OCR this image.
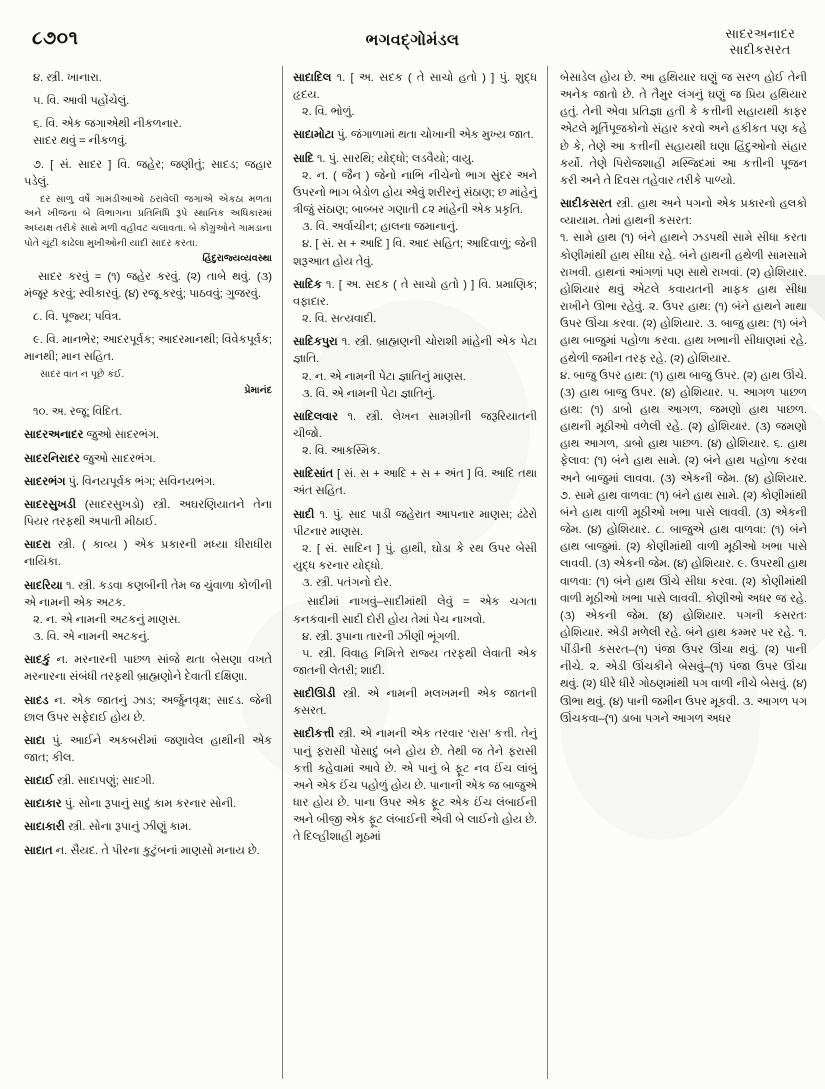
૮૭૦૧	ભગવદ્‌ગોમંડલ	સાદરઅનાદર
સાદીકસરત
૪. સ્ત્રી. ખાનારા.
૫. વિ. આવી પહોંચેલું.
૬. વિ. એક જગાએથી નીકળનાર.
સાદર થવું = નીકળવું.
૭. [ સં. સાદર ] વિ. જહેર; જણીતું; સાદડ; જહાર પડેલું.
દર સાળુ વર્ષે ગામડીઆઓ ઠરાવેલી જગાએ એકઠા મળતા અને ખીજના બે વિભાગના પ્રતિનિધિ રૂપે સ્થાનિક અધિકારમાં અધ્યક્ષ તરીકે સાથે મળી વહીવટ ચલાવતા. બે કોંગ્રુઓને ગામડાના પોતે ચૂંટી કાઢેલા મુખીઓની યાદી સાદર કરતા.
હિંદુરાજ્યવ્યવસ્થા
સાદર કરવું = (૧) જહેર કરવું. (૨) તાબે થવું. (૩) મંજૂર કરવું; સ્વીકારવું. (૪) રજૂ કરવું; પાઠવવું; ગુજરવું.
૮. વિ. પૂજ્ય; પવિત્ર.
૯. વિ. માનભેર; આદરપૂર્વક; આદરમાનથી; વિવેકપૂર્વક; માનથી; માન સહિત.
સાદર વાત ન પૂછે કંઈ.
પ્રેમાનંદ
૧૦. અ. રજૂ; વિદિત.
સાદરઅનાદર જુઓ સાદરભંગ.
સાદરનિરાદર જુઓ સાદરભંગ.
સાદરભંગ પું. વિનયપૂર્વક ભંગ; સવિનયભંગ.
સાદરસુખડી (સાદરસુખડો) સ્ત્રી. અઘરણિયાતને તેના પિયર તરફથી અપાતી મીઠાઈ.
સાદરા સ્ત્રી. ( કાવ્ય ) એક પ્રકારની મધ્યા ધીરાધીરા નાયિકા.
સાદરિયા ૧. સ્ત્રી. કડવા કણબીની તેમ જ ચુંવાળા કોળીની એ નામની એક અટક.
૨. ન. એ નામની અટકનું માણસ.
૩. વિ. એ નામની અટકનું.
સાદકું ન. મરનારની પાછળ સાંજે થતા બેસણા વખતે મરનારના સંબંધી તરફથી બ્રાહ્મણોને દેવાતી દક્ષિણા.
સાદડ ન. એક જાતનું ઝાડ; અર્જુનવૃક્ષ; સાદડ. જેની છાલ ઉપર સફેદાઈ હોય છે.
સાદા પું. આઈને અકબરીમાં જણાવેલ હાથીની એક જાત; કીલ.
સાદાઈ સ્ત્રી. સાદાપણું; સાદગી.
સાદાકાર પું. સોના રૂપાનું સાદું કામ કરનાર સોની.
સાદાકારી સ્ત્રી. સોના રૂપાનું ઝીણું કામ.
સાદાત ન. સૈયદ. તે પીરના કુટુંબનાં માણસો મનાય છે.
સાદાદિલ ૧. [ અ. સદક ( તે સાચો હતો ) ] પું. શુદ્ધ હૃદય.
૨. વિ. ભોળું.
સાદામોટા પું. જંગાળામાં થતા ચોખાની એક મુખ્ય જાત.
સાદિ ૧. પું. સારથિ; યોદ્ધો; લડવૈયો; વાયુ.
૨. ન. ( જૈન ) જેનો નાભિ નીચેનો ભાગ સુંદર અને ઉપરનો ભાગ બેડોળ હોય એવું શરીરનું સંઠાણ; છ માંહેનું ત્રીજું સંઠાણ; બાબ્બર ગણાતી ૮૨ માંહેની એક પ્રકૃતિ.
૩. વિ. અર્વાચીન; હાલના જમાનાનું.
૪. [ સં. સ + આદિ ] વિ. આદ સહિત; આદિવાળું; જેની શરૂઆત હોય તેવું.
સાદિક ૧. [ અ. સદક ( તે સાચો હતો ) ] વિ. પ્રમાણિક; વફાદાર.
૨. વિ. સત્યવાદી.
સાદિકપુરા ૧. સ્ત્રી. બ્રાહ્મણની ચોરાશી માંહેની એક પેટા જ્ઞાતિ.
૨. ન. એ નામની પેટા જ્ઞાતિનું માણસ.
૩. વિ. એ નામની પેટા જ્ઞાતિનું.
સાદિલવાર ૧. સ્ત્રી. લેખન સામગ્રીની જરૂરિયાતની ચીજો.
૨. વિ. આકસ્મિક.
સાદિસાંત [ સં. સ + આદિ + સ + અંત ] વિ. આદિ તથા અંત સહિત.
સાદી ૧. પું. સાદ પાડી જહેરાત આપનાર માણસ; ઢંઢેરો પીટનાર માણસ.
૨. [ સં. સાદિન ] પું. હાથી, ઘોડા કે રથ ઉપર બેસી યુદ્ધ કરનાર યોદ્ધો.
૩. સ્ત્રી. પતંગનો દોર.
સાદીમાં નાખવું–સાદીમાંથી લેવું = એક ચગતા કનકવાની સાદી દોરી હોય તેમાં પેચ નાખવો.
૪. સ્ત્રી. રૂપાના તારની ઝીણી ભૂંગળી.
૫. સ્ત્રી. વિવાહ નિમિત્તે રાજ્ય તરફથી લેવાતી એક જાતની લેતરી; શાદી.
સાદીઊડી સ્ત્રી. એ નામની મલખમની એક જાતની કસરત.
સાદીકત્તી સ્ત્રી. એ નામની એક તરવાર ‘રાસ’ કત્તી. તેનું પાનું ફરાસી પોસાદું બને હોય છે. તેથી જ તેને ફરાસી કત્તી કહેવામાં આવે છે. એ પાનું બે ફૂટ નવ ઈંચ લાંબું અને એક ઈંચ પહોળું હોય છે. પાનાની એક જ બાજુએ ધાર હોય છે. પાના ઉપર એક ફૂટ એક ઈંચ લંબાઈની અને બીજી એક ફૂટ લંબાઈની એવી બે લાઈનો હોય છે. તે દિલ્હીશાહી મૂઠમાં
બેસાડેલ હોય છે. આ હથિયાર ઘણું જ સરળ હોઈ તેની અનેક જાતો છે. તે તૈમુર લંગનું ઘણું જ પ્રિય હથિયાર હતું. તેની એવા પ્રતિજ્ઞા હતી કે કત્તીની સહાયથી કાફર એટલે મૂર્તિપૂજકોનો સંહાર કરવો અને હકીકત પણ કહે છે કે, તેણે આ કત્તીની સહાયથી ઘણા હિંદુઓનો સંહાર કર્યો. તેણે પિરોજશાહી મસ્જિદમાં આ કત્તીની પૂજન કરી અને તે દિવસ તહેવાર તરીકે પાળ્યો.
સાદીકસરત સ્ત્રી. હાથ અને પગનો એક પ્રકારનો હલકો વ્યાયામ. તેમાં હાથની કસરત:
૧. સામે હાથ (૧) બંને હાથને ઝડપથી સામે સીધા કરતા કોણીમાંથી હાથ સીધા રહે. બંને હાથની હથેળી સામસામે રાખવી. હાથનાં આંગળાં પણ સાથે રાખવાં. (૨) હોશિયાર. હોશિયાર થવું એટલે કવાયતની માફક હાથ સીધા રાખીને ઊભા રહેવું. ૨. ઉપર હાથ: (૧) બંને હાથને માથા ઉપર ઊંચા કરવા. (૨) હોશિયાર. ૩. બાજુ હાથ: (૧) બંને હાથ બાજુમાં પહોળા કરવા. હાથ ખભાની સીધાણમાં રહે. હથેળી જમીન તરફ રહે. (૨) હોશિયાર.
૪. બાજુ ઉપર હાથ: (૧) હાથ બાજુ ઉપર. (૨) હાથ ઊંચે. (૩) હાથ બાજુ ઉપર. (૪) હોશિયાર. ૫. આગળ પાછળ હાથ: (૧) ડાબો હાથ આગળ, જમણો હાથ પાછળ. હાથની મૂઠીઓ વળેલી રહે. (૨) હોશિયાર. (૩) જમણો હાથ આગળ, ડાબો હાથ પાછળ. (૪) હોશિયાર. ૬. હાથ ફેલાવ: (૧) બંને હાથ સામે. (૨) બંને હાથ પહોળા કરવા અને બાજુમાં લાવવા. (૩) એકની જેમ. (૪) હોશિયાર. ૭. સામે હાથ વાળવા: (૧) બંને હાથ સામે. (૨) કોણીમાંથી બંને હાથ વાળી મૂઠીઓ ખભા પાસે લાવવી. (૩) એકની જેમ. (૪) હોશિયાર. ૮. બાજુએ હાથ વાળવા: (૧) બંને હાથ બાજુમાં. (૨) કોણીમાંથી વાળી મૂઠીઓ ખભા પાસે લાવવી. (૩) એકની જેમ. (૪) હોશિયાર. ૯. ઉપરથી હાથ વાળવા: (૧) બંને હાથ ઊંચે સીધા કરવા. (૨) કોણીમાંથી વાળી મૂઠીઓ ખભા પાસે લાવવી. કોણીઓ અધર જ રહે. (૩) એકની જેમ. (૪) હોશિયાર. પગની કસરતઃ હોશિયાર. એડી મળેલી રહે. બંને હાથ કમ્મર પર રહે. ૧. પીંડીની કસરત–(૧) પંજા ઉપર ઊંચા થવું. (૨) પાની નીચે. ૨. એડી ઊંચકીને બેસવું–(૧) પંજા ઉપર ઊંચા થવું. (૨) ધીરે ધીરે ગોઠણમાંથી પગ વાળી નીચે બેસવું. (૪) ઊભા થવું. (૪) પાની જમીન ઉપર મૂકવી. ૩. આગળ પગ ઊંચકવા–(૧) ડાબા પગને આગળ અધર
